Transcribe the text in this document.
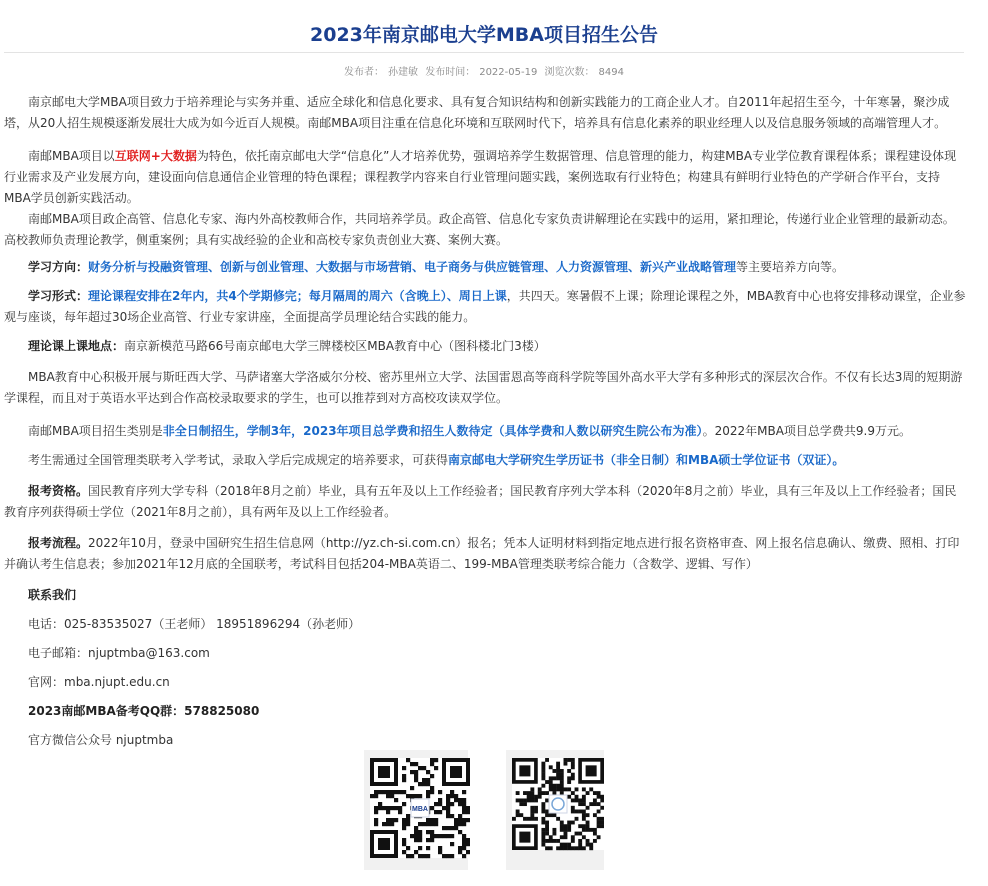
2023年南京邮电大学MBA项目招生公告
发布者： 孙建敏 发布时间： 2022-05-19 浏览次数： 8494

南京邮电大学MBA项目致力于培养理论与实务并重、适应全球化和信息化要求、具有复合知识结构和创新实践能力的工商企业人才。自2011年起招生至今，十年寒暑，聚沙成塔，从20人招生规模逐渐发展壮大成为如今近百人规模。南邮MBA项目注重在信息化环境和互联网时代下，培养具有信息化素养的职业经理人以及信息服务领域的高端管理人才。

南邮MBA项目以互联网+大数据为特色，依托南京邮电大学“信息化”人才培养优势，强调培养学生数据管理、信息管理的能力，构建MBA专业学位教育课程体系；课程建设体现行业需求及产业发展方向，建设面向信息通信企业管理的特色课程；课程教学内容来自行业管理问题实践，案例选取有行业特色；构建具有鲜明行业特色的产学研合作平台，支持MBA学员创新实践活动。

南邮MBA项目政企高管、信息化专家、海内外高校教师合作，共同培养学员。政企高管、信息化专家负责讲解理论在实践中的运用，紧扣理论，传递行业企业管理的最新动态。高校教师负责理论教学，侧重案例；具有实战经验的企业和高校专家负责创业大赛、案例大赛。

学习方向：财务分析与投融资管理、创新与创业管理、大数据与市场营销、电子商务与供应链管理、人力资源管理、新兴产业战略管理等主要培养方向等。

学习形式：理论课程安排在2年内，共4个学期修完；每月隔周的周六（含晚上）、周日上课，共四天。寒暑假不上课；除理论课程之外，MBA教育中心也将安排移动课堂，企业参观与座谈，每年超过30场企业高管、行业专家讲座，全面提高学员理论结合实践的能力。

理论课上课地点：南京新模范马路66号南京邮电大学三牌楼校区MBA教育中心（图科楼北门3楼）

MBA教育中心积极开展与斯旺西大学、马萨诸塞大学洛威尔分校、密苏里州立大学、法国雷恩高等商科学院等国外高水平大学有多种形式的深层次合作。不仅有长达3周的短期游学课程，而且对于英语水平达到合作高校录取要求的学生，也可以推荐到对方高校攻读双学位。

南邮MBA项目招生类别是非全日制招生，学制3年，2023年项目总学费和招生人数待定（具体学费和人数以研究生院公布为准）。2022年MBA项目总学费共9.9万元。

考生需通过全国管理类联考入学考试，录取入学后完成规定的培养要求，可获得南京邮电大学研究生学历证书（非全日制）和MBA硕士学位证书（双证）。

报考资格。国民教育序列大学专科（2018年8月之前）毕业，具有五年及以上工作经验者；国民教育序列大学本科（2020年8月之前）毕业，具有三年及以上工作经验者；国民教育序列获得硕士学位（2021年8月之前），具有两年及以上工作经验者。

报考流程。2022年10月，登录中国研究生招生信息网（http://yz.ch-si.com.cn）报名；凭本人证明材料到指定地点进行报名资格审查、网上报名信息确认、缴费、照相、打印并确认考生信息表；参加2021年12月底的全国联考，考试科目包括204-MBA英语二、199-MBA管理类联考综合能力（含数学、逻辑、写作）

联系我们

电话：025-83535027（王老师） 18951896294（孙老师）

电子邮箱：njuptmba@163.com

官网：mba.njupt.edu.cn

2023南邮MBA备考QQ群：578825080

官方微信公众号 njuptmba

MBA
